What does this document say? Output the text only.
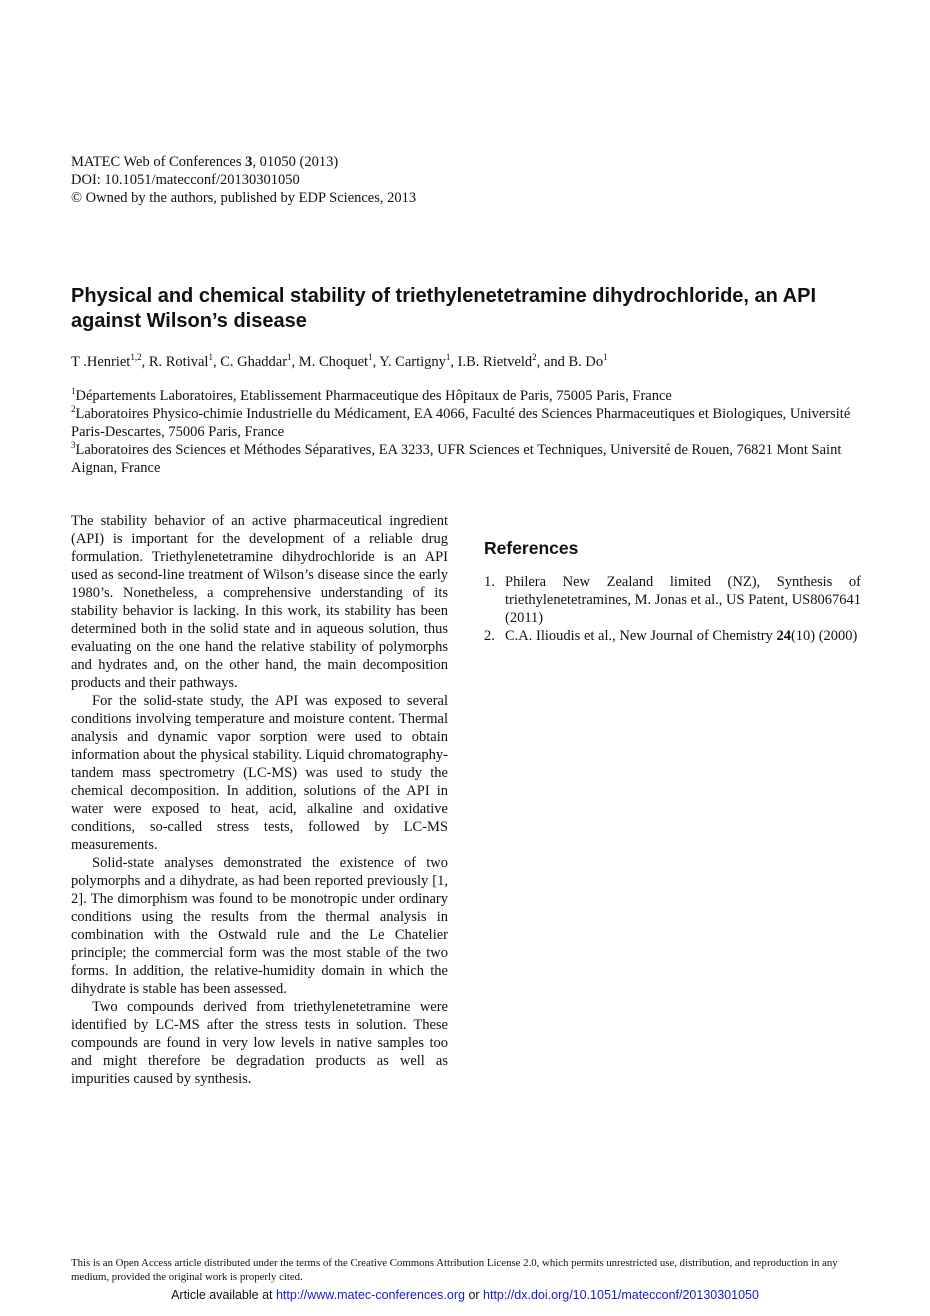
MATEC Web of Conferences 3, 01050 (2013)
DOI: 10.1051/matecconf/20130301050
© Owned by the authors, published by EDP Sciences, 2013
Physical and chemical stability of triethylenetetramine dihydrochloride, an API against Wilson’s disease
T .Henriet$^{1,2}$, R. Rotival$^1$, C. Ghaddar$^1$, M. Choquet$^1$, Y. Cartigny$^1$, I.B. Rietveld$^2$, and B. Do$^1$

$^1$Départements Laboratoires, Etablissement Pharmaceutique des Hôpitaux de Paris, 75005 Paris, France

$^2$Laboratoires Physico-chimie Industrielle du Médicament, EA 4066, Faculté des Sciences Pharmaceutiques et Biologiques, Université Paris-Descartes, 75006 Paris, France

$^3$Laboratoires des Sciences et Méthodes Séparatives, EA 3233, UFR Sciences et Techniques, Université de Rouen, 76821 Mont Saint Aignan, France

The stability behavior of an active pharmaceutical ingredient (API) is important for the development of a reliable drug formulation. Triethylenetetramine dihydrochloride is an API used as second-line treatment of Wilson’s disease since the early 1980’s. Nonetheless, a comprehensive understanding of its stability behavior is lacking. In this work, its stability has been determined both in the solid state and in aqueous solution, thus evaluating on the one hand the relative stability of polymorphs and hydrates and, on the other hand, the main decomposition products and their pathways.

For the solid-state study, the API was exposed to several conditions involving temperature and moisture content. Thermal analysis and dynamic vapor sorption were used to obtain information about the physical stability. Liquid chromatography-tandem mass spectrometry (LC-MS) was used to study the chemical decomposition. In addition, solutions of the API in water were exposed to heat, acid, alkaline and oxidative conditions, so-called stress tests, followed by LC-MS measurements.

Solid-state analyses demonstrated the existence of two polymorphs and a dihydrate, as had been reported previously [1, 2]. The dimorphism was found to be monotropic under ordinary conditions using the results from the thermal analysis in combination with the Ostwald rule and the Le Chatelier principle; the commercial form was the most stable of the two forms. In addition, the relative-humidity domain in which the dihydrate is stable has been assessed.

Two compounds derived from triethylenetetramine were identified by LC-MS after the stress tests in solution. These compounds are found in very low levels in native samples too and might therefore be degradation products as well as impurities caused by synthesis.

References
1. Philera New Zealand limited (NZ), Synthesis of triethylenetetramines, M. Jonas et al., US Patent, US8067641 (2011)
2. C.A. Ilioudis et al., New Journal of Chemistry 24(10) (2000)
This is an Open Access article distributed under the terms of the Creative Commons Attribution License 2.0, which permits unrestricted use, distribution, and reproduction in any medium, provided the original work is properly cited.
Article available at http://www.matec-conferences.org or http://dx.doi.org/10.1051/matecconf/20130301050
